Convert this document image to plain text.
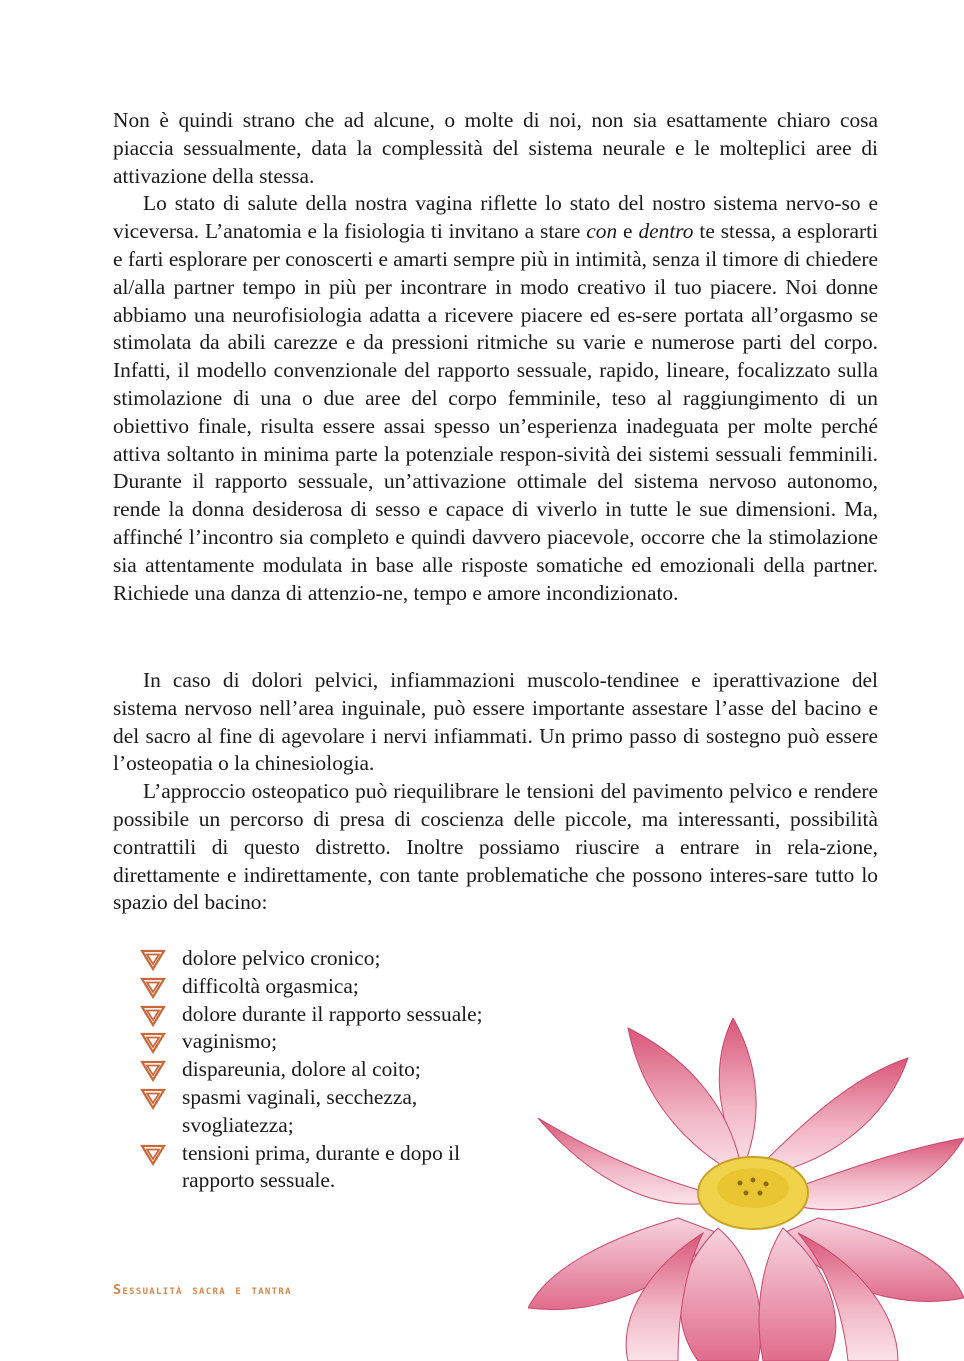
Non è quindi strano che ad alcune, o molte di noi, non sia esattamente chiaro cosa piaccia sessualmente, data la complessità del sistema neurale e le molteplici aree di attivazione della stessa.

Lo stato di salute della nostra vagina riflette lo stato del nostro sistema nervo-so e viceversa. L’anatomia e la fisiologia ti invitano a stare con e dentro te stessa, a esplorarti e farti esplorare per conoscerti e amarti sempre più in intimità, senza il timore di chiedere al/alla partner tempo in più per incontrare in modo creativo il tuo piacere. Noi donne abbiamo una neurofisiologia adatta a ricevere piacere ed es-sere portata all’orgasmo se stimolata da abili carezze e da pressioni ritmiche su varie e numerose parti del corpo. Infatti, il modello convenzionale del rapporto sessuale, rapido, lineare, focalizzato sulla stimolazione di una o due aree del corpo femminile, teso al raggiungimento di un obiettivo finale, risulta essere assai spesso un’esperienza inadeguata per molte perché attiva soltanto in minima parte la potenziale respon-sività dei sistemi sessuali femminili. Durante il rapporto sessuale, un’attivazione ottimale del sistema nervoso autonomo, rende la donna desiderosa di sesso e capace di viverlo in tutte le sue dimensioni. Ma, affinché l’incontro sia completo e quindi davvero piacevole, occorre che la stimolazione sia attentamente modulata in base alle risposte somatiche ed emozionali della partner. Richiede una danza di attenzio-ne, tempo e amore incondizionato.

In caso di dolori pelvici, infiammazioni muscolo-tendinee e iperattivazione del sistema nervoso nell’area inguinale, può essere importante assestare l’asse del bacino e del sacro al fine di agevolare i nervi infiammati. Un primo passo di sostegno può essere l’osteopatia o la chinesiologia.

L’approccio osteopatico può riequilibrare le tensioni del pavimento pelvico e rendere possibile un percorso di presa di coscienza delle piccole, ma interessanti, possibilità contrattili di questo distretto. Inoltre possiamo riuscire a entrare in rela-zione, direttamente e indirettamente, con tante problematiche che possono interes-sare tutto lo spazio del bacino:

dolore pelvico cronico;
difficoltà orgasmica;
dolore durante il rapporto sessuale;
vaginismo;
dispareunia, dolore al coito;
spasmi vaginali, secchezza, svogliatezza;
tensioni prima, durante e dopo il rapporto sessuale.
Sessualità sacra e tantra
